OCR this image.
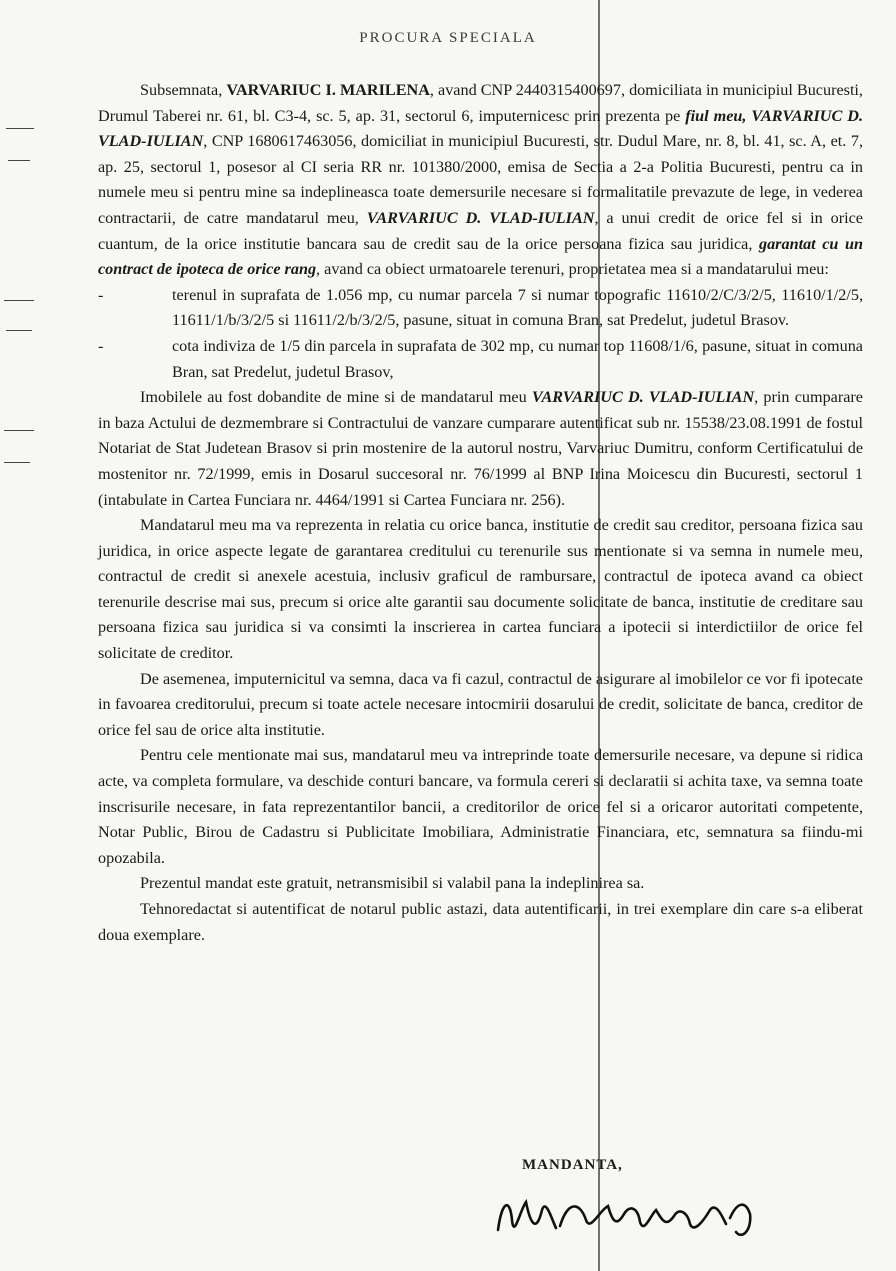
PROCURA SPECIALA

Subsemnata, VARVARIUC I. MARILENA, avand CNP 2440315400697, domiciliata in municipiul Bucuresti, Drumul Taberei nr. 61, bl. C3-4, sc. 5, ap. 31, sectorul 6, imputernicesc prin prezenta pe fiul meu, VARVARIUC D. VLAD-IULIAN, CNP 1680617463056, domiciliat in municipiul Bucuresti, str. Dudul Mare, nr. 8, bl. 41, sc. A, et. 7, ap. 25, sectorul 1, posesor al CI seria RR nr. 101380/2000, emisa de Sectia a 2-a Politia Bucuresti, pentru ca in numele meu si pentru mine sa indeplineasca toate demersurile necesare si formalitatile prevazute de lege, in vederea contractarii, de catre mandatarul meu, VARVARIUC D. VLAD-IULIAN, a unui credit de orice fel si in orice cuantum, de la orice institutie bancara sau de credit sau de la orice persoana fizica sau juridica, garantat cu un contract de ipoteca de orice rang, avand ca obiect urmatoarele terenuri, proprietatea mea si a mandatarului meu:

-	terenul in suprafata de 1.056 mp, cu numar parcela 7 si numar topografic 11610/2/C/3/2/5, 11610/1/2/5, 11611/1/b/3/2/5 si 11611/2/b/3/2/5, pasune, situat in comuna Bran, sat Predelut, judetul Brasov.

-	cota indiviza de 1/5 din parcela in suprafata de 302 mp, cu numar top 11608/1/6, pasune, situat in comuna Bran, sat Predelut, judetul Brasov,

Imobilele au fost dobandite de mine si de mandatarul meu VARVARIUC D. VLAD-IULIAN, prin cumparare in baza Actului de dezmembrare si Contractului de vanzare cumparare autentificat sub nr. 15538/23.08.1991 de fostul Notariat de Stat Judetean Brasov si prin mostenire de la autorul nostru, Varvariuc Dumitru, conform Certificatului de mostenitor nr. 72/1999, emis in Dosarul succesoral nr. 76/1999 al BNP Irina Moicescu din Bucuresti, sectorul 1 (intabulate in Cartea Funciara nr. 4464/1991 si Cartea Funciara nr. 256).

Mandatarul meu ma va reprezenta in relatia cu orice banca, institutie de credit sau creditor, persoana fizica sau juridica, in orice aspecte legate de garantarea creditului cu terenurile sus mentionate si va semna in numele meu, contractul de credit si anexele acestuia, inclusiv graficul de rambursare, contractul de ipoteca avand ca obiect terenurile descrise mai sus, precum si orice alte garantii sau documente solicitate de banca, institutie de creditare sau persoana fizica sau juridica si va consimti la inscrierea in cartea funciara a ipotecii si interdictiilor de orice fel solicitate de creditor.

De asemenea, imputernicitul va semna, daca va fi cazul, contractul de asigurare al imobilelor ce vor fi ipotecate in favoarea creditorului, precum si toate actele necesare intocmirii dosarului de credit, solicitate de banca, creditor de orice fel sau de orice alta institutie.

Pentru cele mentionate mai sus, mandatarul meu va intreprinde toate demersurile necesare, va depune si ridica acte, va completa formulare, va deschide conturi bancare, va formula cereri si declaratii si achita taxe, va semna toate inscrisurile necesare, in fata reprezentantilor bancii, a creditorilor de orice fel si a oricaror autoritati competente, Notar Public, Birou de Cadastru si Publicitate Imobiliara, Administratie Financiara, etc, semnatura sa fiindu-mi opozabila.

Prezentul mandat este gratuit, netransmisibil si valabil pana la indeplinirea sa.

Tehnoredactat si autentificat de notarul public astazi, data autentificarii, in trei exemplare din care s-a eliberat doua exemplare.

MANDANTA,
